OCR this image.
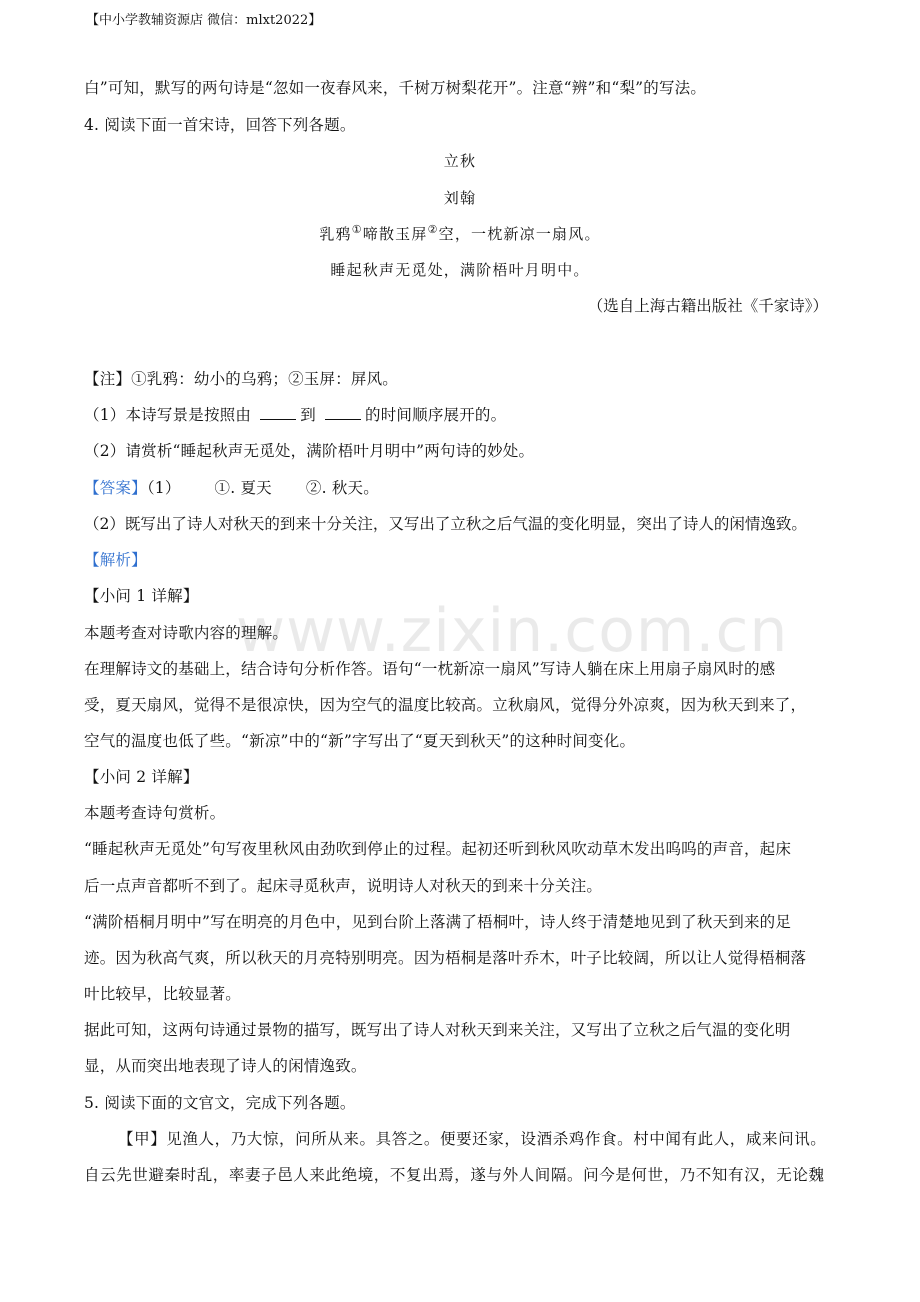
【中小学教辅资源店 微信：mlxt2022】
www.zixin.com.cn
白”可知，默写的两句诗是“忽如一夜春风来，千树万树梨花开”。注意“辨”和“梨”的写法。
4. 阅读下面一首宋诗，回答下列各题。
立秋
刘翰
乳鸦①啼散玉屏②空，一枕新凉一扇风。
睡起秋声无觅处，满阶梧叶月明中。
（选自上海古籍出版社《千家诗》）
【注】①乳鸦：幼小的乌鸦；②玉屏：屏风。
（1）本诗写景是按照由	到	的时间顺序展开的。
（2）请赏析“睡起秋声无觅处，满阶梧叶月明中”两句诗的妙处。
【答案】（1） ①. 夏天 ②. 秋天。
（2）既写出了诗人对秋天的到来十分关注，又写出了立秋之后气温的变化明显，突出了诗人的闲情逸致。
【解析】
【小问 1 详解】
本题考查对诗歌内容的理解。
在理解诗文的基础上，结合诗句分析作答。语句“一枕新凉一扇风”写诗人躺在床上用扇子扇风时的感
受，夏天扇风，觉得不是很凉快，因为空气的温度比较高。立秋扇风，觉得分外凉爽，因为秋天到来了，
空气的温度也低了些。“新凉”中的“新”字写出了“夏天到秋天”的这种时间变化。
【小问 2 详解】
本题考查诗句赏析。
“睡起秋声无觅处”句写夜里秋风由劲吹到停止的过程。起初还听到秋风吹动草木发出呜呜的声音，起床
后一点声音都听不到了。起床寻觅秋声，说明诗人对秋天的到来十分关注。
“满阶梧桐月明中”写在明亮的月色中，见到台阶上落满了梧桐叶，诗人终于清楚地见到了秋天到来的足
迹。因为秋高气爽，所以秋天的月亮特别明亮。因为梧桐是落叶乔木，叶子比较阔，所以让人觉得梧桐落
叶比较早，比较显著。
据此可知，这两句诗通过景物的描写，既写出了诗人对秋天到来关注，又写出了立秋之后气温的变化明
显，从而突出地表现了诗人的闲情逸致。
5. 阅读下面的文官文，完成下列各题。
【甲】见渔人，乃大惊，问所从来。具答之。便要还家，设酒杀鸡作食。村中闻有此人，咸来问讯。
自云先世避秦时乱，率妻子邑人来此绝境，不复出焉，遂与外人间隔。问今是何世，乃不知有汉，无论魏
